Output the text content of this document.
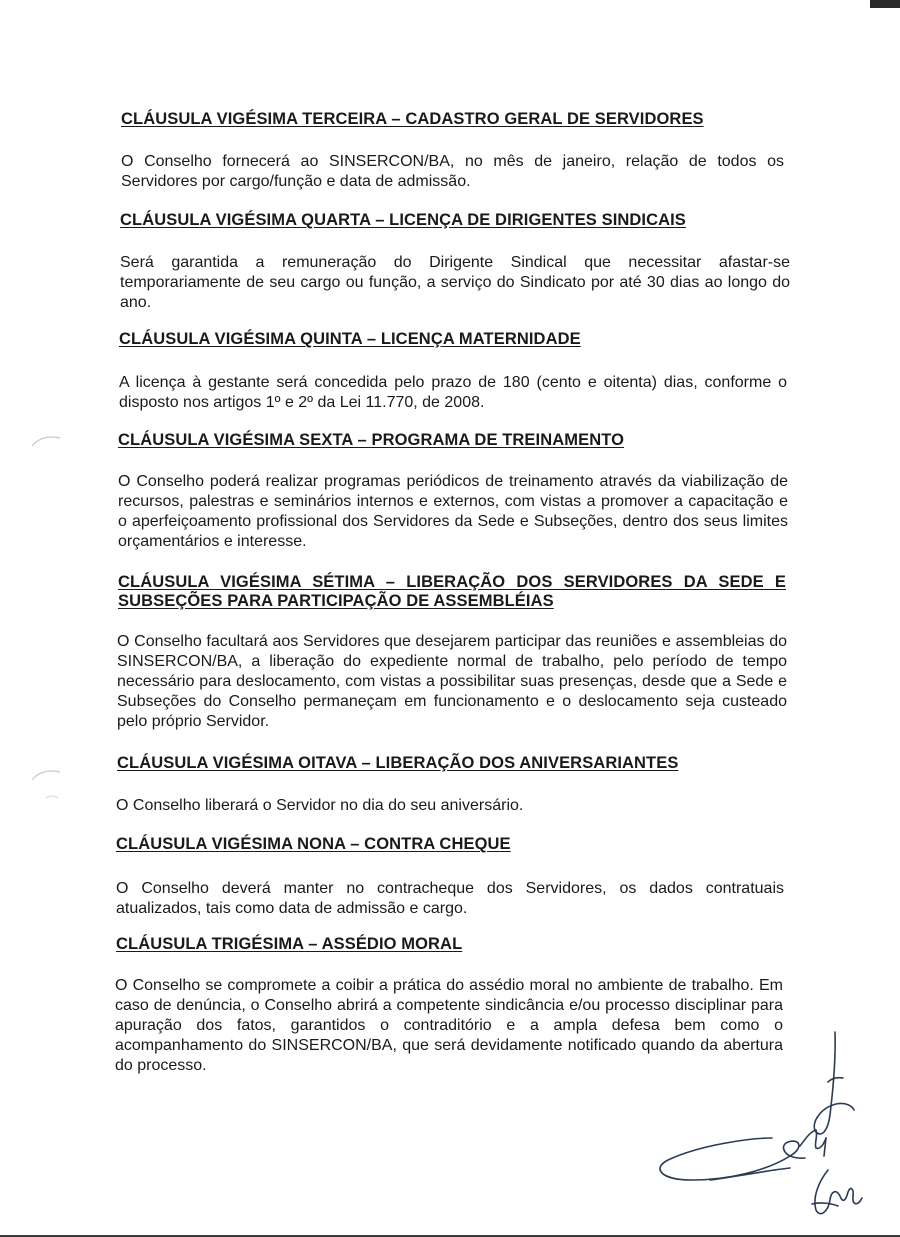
CLÁUSULA VIGÉSIMA TERCEIRA – CADASTRO GERAL DE SERVIDORES

O Conselho fornecerá ao SINSERCON/BA, no mês de janeiro, relação de todos os Servidores por cargo/função e data de admissão.

CLÁUSULA VIGÉSIMA QUARTA – LICENÇA DE DIRIGENTES SINDICAIS

Será garantida a remuneração do Dirigente Sindical que necessitar afastar-se temporariamente de seu cargo ou função, a serviço do Sindicato por até 30 dias ao longo do ano.

CLÁUSULA VIGÉSIMA QUINTA – LICENÇA MATERNIDADE

A licença à gestante será concedida pelo prazo de 180 (cento e oitenta) dias, conforme o disposto nos artigos 1º e 2º da Lei 11.770, de 2008.

CLÁUSULA VIGÉSIMA SEXTA – PROGRAMA DE TREINAMENTO

O Conselho poderá realizar programas periódicos de treinamento através da viabilização de recursos, palestras e seminários internos e externos, com vistas a promover a capacitação e o aperfeiçoamento profissional dos Servidores da Sede e Subseções, dentro dos seus limites orçamentários e interesse.

CLÁUSULA VIGÉSIMA SÉTIMA – LIBERAÇÃO DOS SERVIDORES DA SEDE E SUBSEÇÕES PARA PARTICIPAÇÃO DE ASSEMBLÉIAS

O Conselho facultará aos Servidores que desejarem participar das reuniões e assembleias do SINSERCON/BA, a liberação do expediente normal de trabalho, pelo período de tempo necessário para deslocamento, com vistas a possibilitar suas presenças, desde que a Sede e Subseções do Conselho permaneçam em funcionamento e o deslocamento seja custeado pelo próprio Servidor.

CLÁUSULA VIGÉSIMA OITAVA – LIBERAÇÃO DOS ANIVERSARIANTES

O Conselho liberará o Servidor no dia do seu aniversário.

CLÁUSULA VIGÉSIMA NONA – CONTRA CHEQUE

O Conselho deverá manter no contracheque dos Servidores, os dados contratuais atualizados, tais como data de admissão e cargo.

CLÁUSULA TRIGÉSIMA – ASSÉDIO MORAL

O Conselho se compromete a coibir a prática do assédio moral no ambiente de trabalho. Em caso de denúncia, o Conselho abrirá a competente sindicância e/ou processo disciplinar para apuração dos fatos, garantidos o contraditório e a ampla defesa bem como o acompanhamento do SINSERCON/BA, que será devidamente notificado quando da abertura do processo.
